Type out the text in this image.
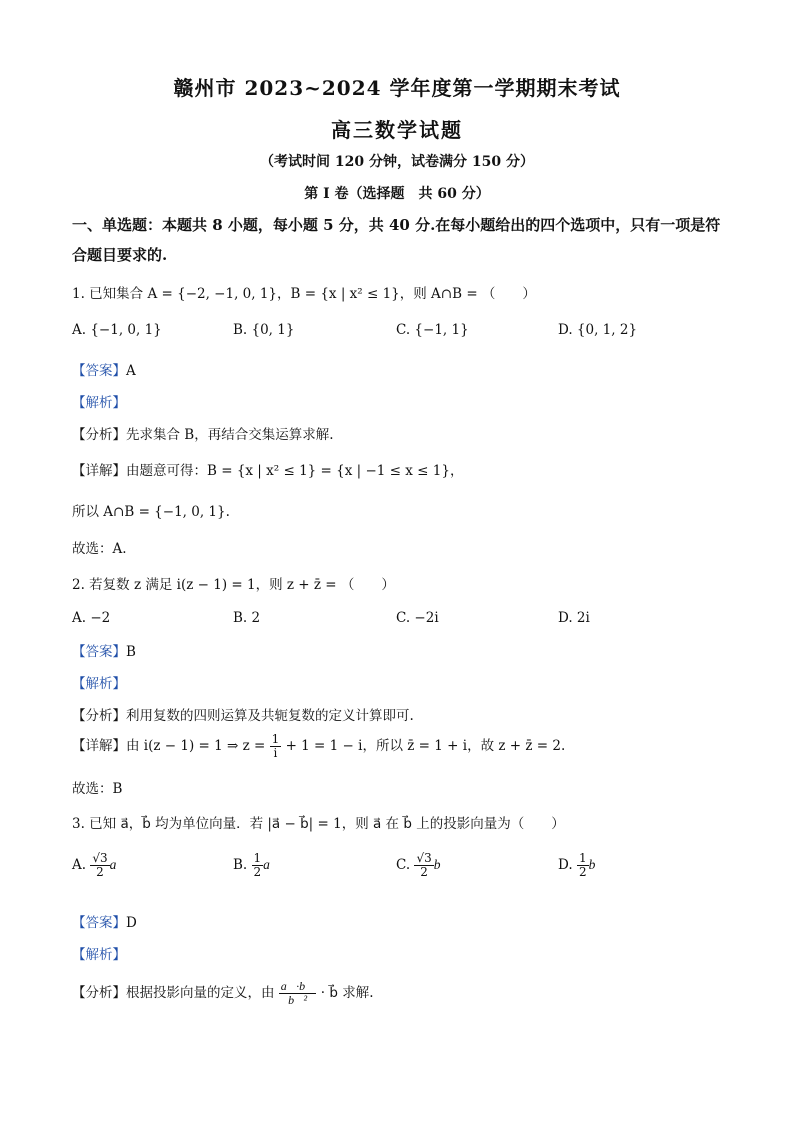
赣州市 2023~2024 学年度第一学期期末考试
高三数学试题
（考试时间 120 分钟，试卷满分 150 分）
第 I 卷（选择题　共 60 分）
一、单选题：本题共 8 小题，每小题 5 分，共 40 分.在每小题给出的四个选项中，只有一项是符合题目要求的.
1. 已知集合 A = {−2, −1, 0, 1}，B = {x | x² ≤ 1}，则 A∩B = （　　）
A. {−1, 0, 1}	B. {0, 1}	C. {−1, 1}	D. {0, 1, 2}
【答案】A
【解析】
【分析】先求集合 B，再结合交集运算求解.
【详解】由题意可得：B = {x | x² ≤ 1} = {x | −1 ≤ x ≤ 1}，
所以 A∩B = {−1, 0, 1}.
故选：A.
2. 若复数 z 满足 i(z − 1) = 1，则 z + z̄ = （　　）
A. −2	B. 2	C. −2i	D. 2i
【答案】B
【解析】
【分析】利用复数的四则运算及共轭复数的定义计算即可.
【详解】由 i(z − 1) = 1 ⇒ $z = \frac{1}{i} + 1 = 1 - i$，所以 z̄ = 1 + i，故 z + z̄ = 2.
故选：B
3. 已知 a⃗，b⃗ 均为单位向量．若 |a⃗ − b⃗| = 1，则 a⃗ 在 b⃗ 上的投影向量为（　　）
A. $\frac{√3}{2}$ a⃗	B. $\frac{1}{2}$ a⃗	C. $\frac{√3}{2}$ b⃗	D. $\frac{1}{2}$ b⃗
【答案】D
【解析】
【分析】根据投影向量的定义，由 $\frac{a⃗\cdot b⃗}{\text{b⃗²}}$ · b⃗ 求解.
